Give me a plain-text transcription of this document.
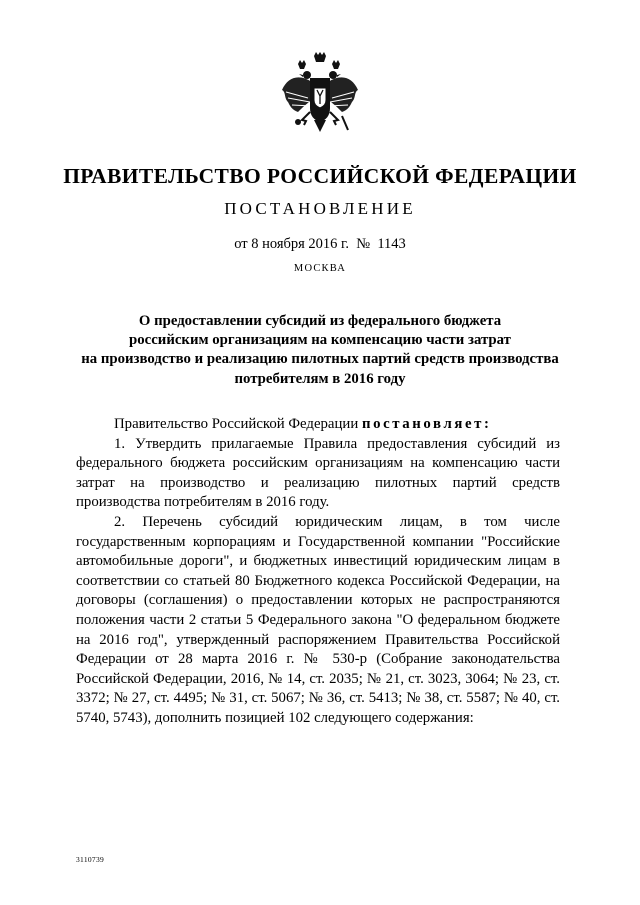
ПРАВИТЕЛЬСТВО РОССИЙСКОЙ ФЕДЕРАЦИИ
ПОСТАНОВЛЕНИЕ
от 8 ноября 2016 г.  №  1143
МОСКВА
О предоставлении субсидий из федерального бюджета
российским организациям на компенсацию части затрат
на производство и реализацию пилотных партий средств производства
потребителям в 2016 году

Правительство Российской Федерации постановляет:

1. Утвердить прилагаемые Правила предоставления субсидий из федерального бюджета российским организациям на компенсацию части затрат на производство и реализацию пилотных партий средств производства потребителям в 2016 году.

2. Перечень субсидий юридическим лицам, в том числе государственным корпорациям и Государственной компании "Российские автомобильные дороги", и бюджетных инвестиций юридическим лицам в соответствии со статьей 80 Бюджетного кодекса Российской Федерации, на договоры (соглашения) о предоставлении которых не распространяются положения части 2 статьи 5 Федерального закона "О федеральном бюджете на 2016 год", утвержденный распоряжением Правительства Российской Федерации от 28 марта 2016 г. № 530-р (Собрание законодательства Российской Федерации, 2016, № 14, ст. 2035; № 21, ст. 3023, 3064; № 23, ст. 3372; № 27, ст. 4495; № 31, ст. 5067; № 36, ст. 5413; № 38, ст. 5587; № 40, ст. 5740, 5743), дополнить позицией 102 следующего содержания:

3110739
